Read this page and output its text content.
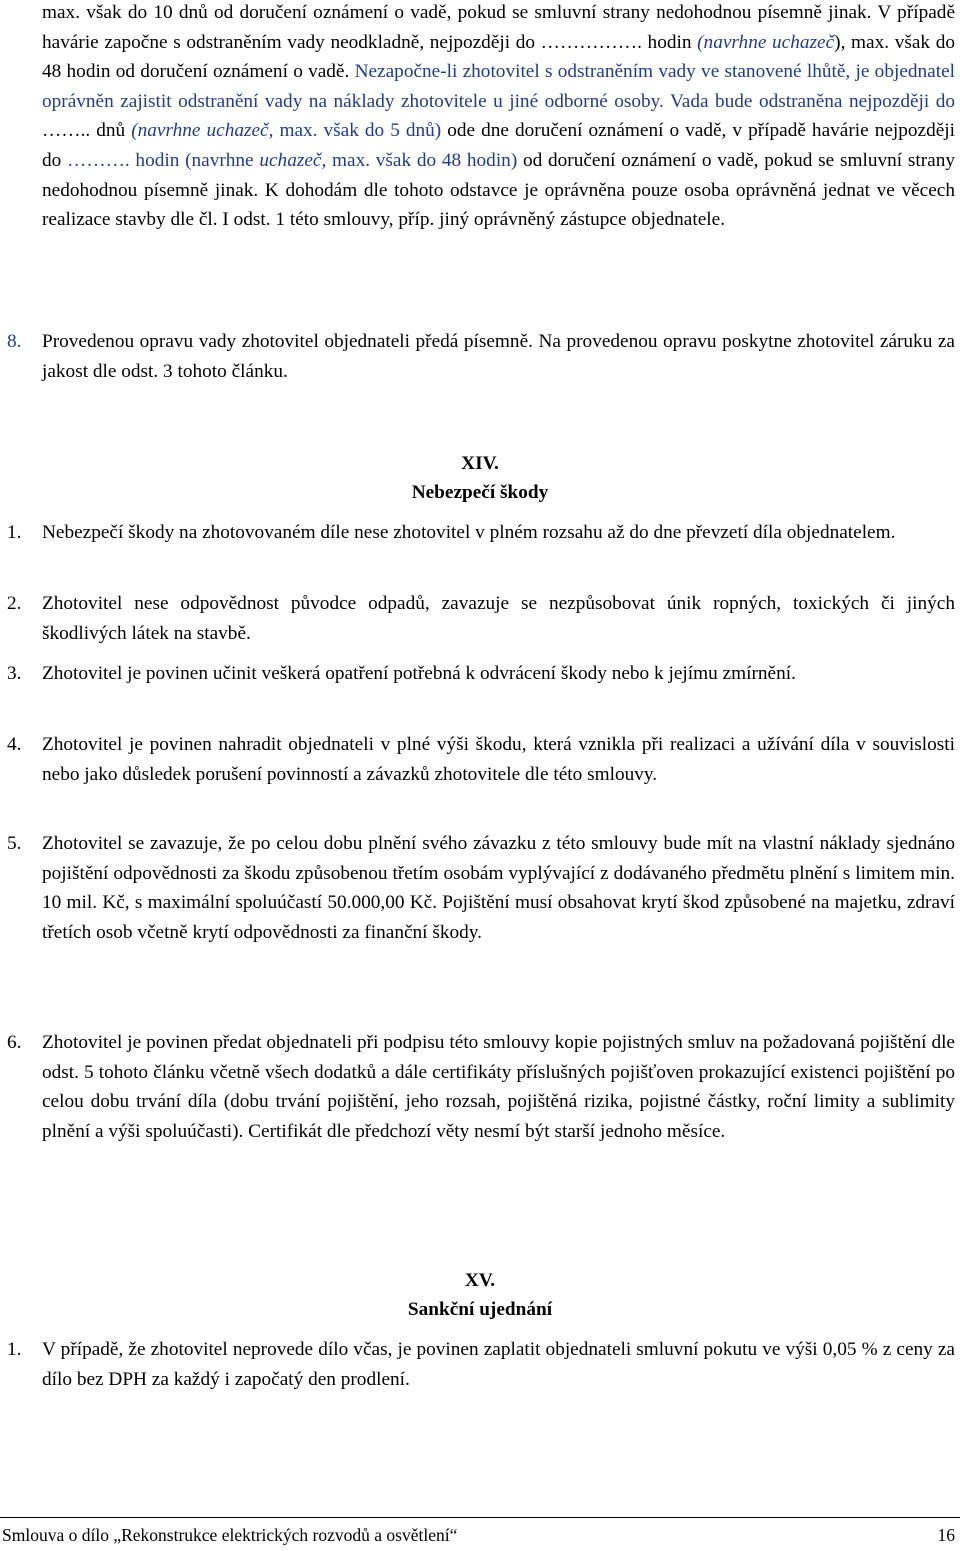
max. však do 10 dnů od doručení oznámení o vadě, pokud se smluvní strany nedohodnou písemně jinak. V případě havárie započne s odstraněním vady neodkladně, nejpozději do ……………. hodin (navrhne uchazeč), max. však do 48 hodin od doručení oznámení o vadě. Nezapočne-li zhotovitel s odstraněním vady ve stanovené lhůtě, je objednatel oprávněn zajistit odstranění vady na náklady zhotovitele u jiné odborné osoby. Vada bude odstraněna nejpozději do …….. dnů (navrhne uchazeč, max. však do 5 dnů) ode dne doručení oznámení o vadě, v případě havárie nejpozději do ………. hodin (navrhne uchazeč, max. však do 48 hodin) od doručení oznámení o vadě, pokud se smluvní strany nedohodnou písemně jinak. K dohodám dle tohoto odstavce je oprávněna pouze osoba oprávněná jednat ve věcech realizace stavby dle čl. I odst. 1 této smlouvy, příp. jiný oprávněný zástupce objednatele.
8.	Provedenou opravu vady zhotovitel objednateli předá písemně. Na provedenou opravu poskytne zhotovitel záruku za jakost dle odst. 3 tohoto článku.
XIV.
Nebezpečí škody
1.	Nebezpečí škody na zhotovovaném díle nese zhotovitel v plném rozsahu až do dne převzetí díla objednatelem.
2.	Zhotovitel nese odpovědnost původce odpadů, zavazuje se nezpůsobovat únik ropných, toxických či jiných škodlivých látek na stavbě.
3.	Zhotovitel je povinen učinit veškerá opatření potřebná k odvrácení škody nebo k jejímu zmírnění.
4.	Zhotovitel je povinen nahradit objednateli v plné výši škodu, která vznikla při realizaci a užívání díla v souvislosti nebo jako důsledek porušení povinností a závazků zhotovitele dle této smlouvy.
5.	Zhotovitel se zavazuje, že po celou dobu plnění svého závazku z této smlouvy bude mít na vlastní náklady sjednáno pojištění odpovědnosti za škodu způsobenou třetím osobám vyplývající z dodávaného předmětu plnění s limitem min. 10 mil. Kč, s maximální spoluúčastí 50.000,00 Kč. Pojištění musí obsahovat krytí škod způsobené na majetku, zdraví třetích osob včetně krytí odpovědnosti za finanční škody.
6.	Zhotovitel je povinen předat objednateli při podpisu této smlouvy kopie pojistných smluv na požadovaná pojištění dle odst. 5 tohoto článku včetně všech dodatků a dále certifikáty příslušných pojišťoven prokazující existenci pojištění po celou dobu trvání díla (dobu trvání pojištění, jeho rozsah, pojištěná rizika, pojistné částky, roční limity a sublimity plnění a výši spoluúčasti). Certifikát dle předchozí věty nesmí být starší jednoho měsíce.
XV.
Sankční ujednání
1.	V případě, že zhotovitel neprovede dílo včas, je povinen zaplatit objednateli smluvní pokutu ve výši 0,05 % z ceny za dílo bez DPH za každý i započatý den prodlení.
Smlouva o dílo „Rekonstrukce elektrických rozvodů a osvětlení“	16
